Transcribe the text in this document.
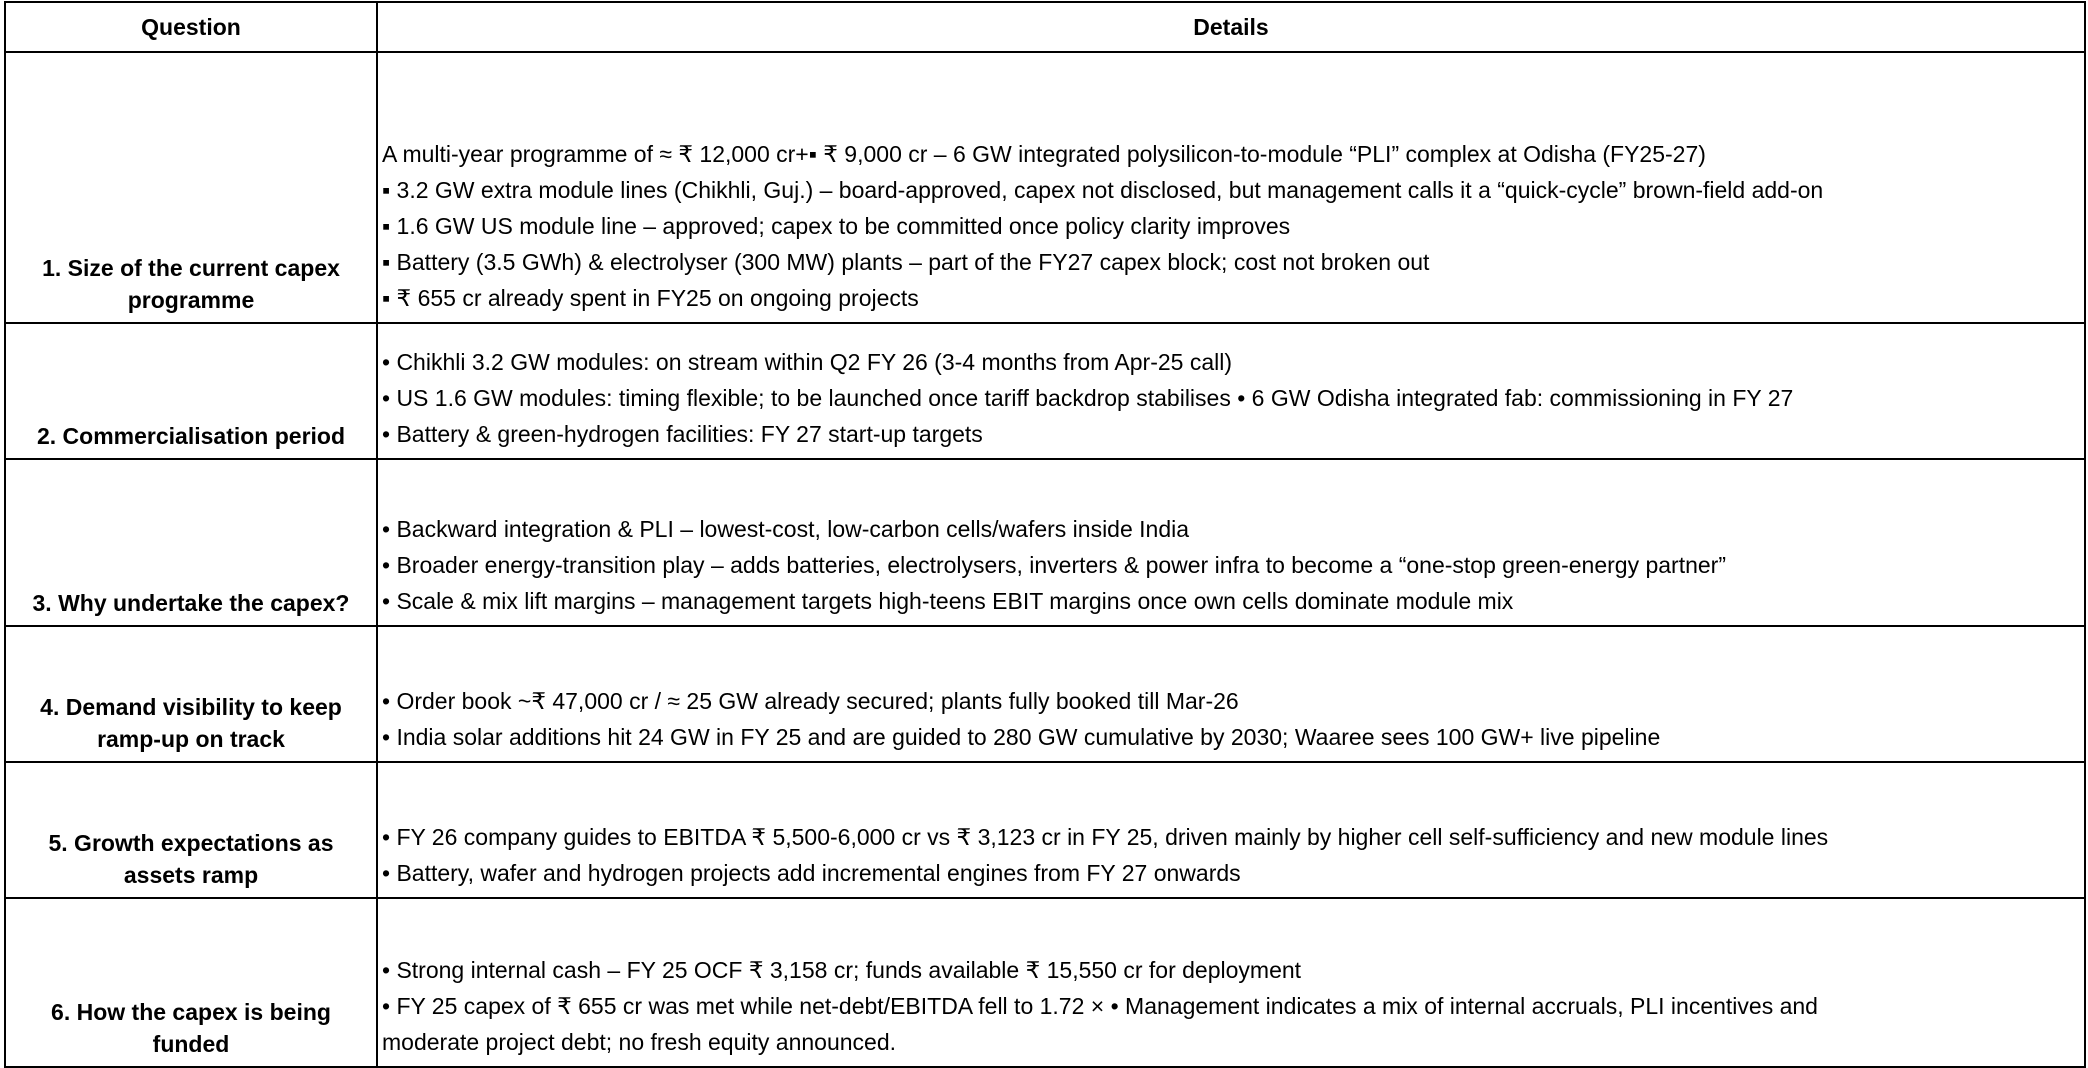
Question	Details
1. Size of the current capex programme	A multi-year programme of ≈ ₹ 12,000 cr+▪ ₹ 9,000 cr – 6 GW integrated polysilicon-to-module “PLI” complex at Odisha (FY25-27)
▪ 3.2 GW extra module lines (Chikhli, Guj.) – board-approved, capex not disclosed, but management calls it a “quick-cycle” brown-field add-on
▪ 1.6 GW US module line – approved; capex to be committed once policy clarity improves
▪ Battery (3.5 GWh) & electrolyser (300 MW) plants – part of the FY27 capex block; cost not broken out
▪ ₹ 655 cr already spent in FY25 on ongoing projects

2. Commercialisation period	• Chikhli 3.2 GW modules: on stream within Q2 FY 26 (3-4 months from Apr-25 call)
• US 1.6 GW modules: timing flexible; to be launched once tariff backdrop stabilises • 6 GW Odisha integrated fab: commissioning in FY 27
• Battery & green-hydrogen facilities: FY 27 start-up targets

3. Why undertake the capex?	• Backward integration & PLI – lowest-cost, low-carbon cells/wafers inside India
• Broader energy-transition play – adds batteries, electrolysers, inverters & power infra to become a “one-stop green-energy partner”
• Scale & mix lift margins – management targets high-teens EBIT margins once own cells dominate module mix

4. Demand visibility to keep ramp-up on track	• Order book ~₹ 47,000 cr / ≈ 25 GW already secured; plants fully booked till Mar-26
• India solar additions hit 24 GW in FY 25 and are guided to 280 GW cumulative by 2030; Waaree sees 100 GW+ live pipeline

5. Growth expectations as assets ramp	• FY 26 company guides to EBITDA ₹ 5,500-6,000 cr vs ₹ 3,123 cr in FY 25, driven mainly by higher cell self-sufficiency and new module lines
• Battery, wafer and hydrogen projects add incremental engines from FY 27 onwards

6. How the capex is being funded	• Strong internal cash – FY 25 OCF ₹ 3,158 cr; funds available ₹ 15,550 cr for deployment
• FY 25 capex of ₹ 655 cr was met while net-debt/EBITDA fell to 1.72 × • Management indicates a mix of internal accruals, PLI incentives and
moderate project debt; no fresh equity announced.
